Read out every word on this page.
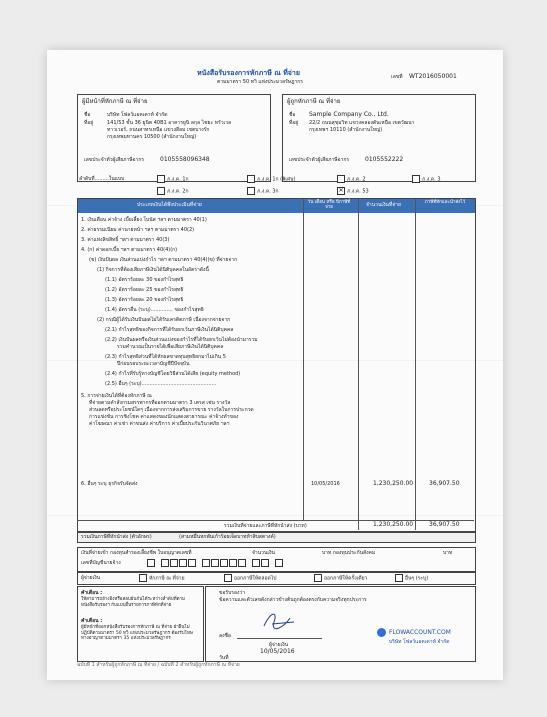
หนังสือรับรองการหักภาษี ณ ที่จ่าย
ตามมาตรา 50 ทวิ แห่งประมวลรัษฎากร
เลขที่ WT2016050001
ผู้มีหน้าที่หักภาษี ณ ที่จ่าย
ชื่อ	บริษัท โฟลว์แอคเคาท์ จำกัด
ที่อยู่	141/53 ชั้น 36 ยูนิต 40B1 อาคารยูนิ ลกุล ไชยะ ทรัวเวล
ทาวเวอร์, ถนนสาทรเหนือ แขวงสีลม เขตบางรัก
กรุงเทพมหานคร 10500 (สำนักงานใหญ่)
เลขประจำตัวผู้เสียภาษีอากร	0105558096348
ผู้ถูกหักภาษี ณ ที่จ่าย
ชื่อ Sample Company Co., Ltd.
ที่อยู่ 22/2 ถนนสุขุมวิท แขวงคลองตันเหนือ เขตวัฒนา
กรุงเทพฯ 10110 (สำนักงานใหญ่)
เลขประจำตัวผู้เสียภาษีอากร	0105552222
ลำดับที่.........ในแบบ	ภ.ง.ด. 1ก	ภ.ง.ด. 1ก (พิเศษ)	ภ.ง.ด. 2	ภ.ง.ด. 3
ภ.ง.ด. 2ก	ภ.ง.ด. 3ก	✕ ภ.ง.ด. 53
ประเภทเงินได้พึงประเมินที่จ่าย	วัน เดือน หรือ ปีภาษีที่จ่าย	จำนวนเงินที่จ่าย	ภาษีที่หักและนำส่งไว้
1. เงินเดือน ค่าจ้าง เบี้ยเลี้ยง โบนัส ฯลฯ ตามมาตรา 40(1)
2. ค่าธรรมเนียม ค่านายหน้า ฯลฯ ตามมาตรา 40(2)
3. ค่าแห่งลิขสิทธิ์ ฯลฯ ตามมาตรา 40(3)
4. (ก) ค่าดอกเบี้ย ฯลฯ ตามมาตรา 40(4)(ก)
(ข) เงินปันผล เงินส่วนแบ่งกำไร ฯลฯ ตามมาตรา 40(4)(ข) ที่จ่ายจาก
(1) กิจการที่ต้องเสียภาษีเงินได้นิติบุคคลในอัตราดังนี้
(1.1) อัตราร้อยละ 30 ของกำไรสุทธิ
(1.2) อัตราร้อยละ 25 ของกำไรสุทธิ
(1.3) อัตราร้อยละ 20 ของกำไรสุทธิ
(1.4) อัตราอื่น (ระบุ).............. ของกำไรสุทธิ
(2) กรณีผู้ได้รับเงินปันผลไม่ได้รับเครดิตภาษี เนื่องจากจ่ายจาก
(2.1) กำไรสุทธิของกิจการที่ได้รับยกเว้นภาษีเงินได้นิติบุคคล
(2.2) เงินปันผลหรือเงินส่วนแบ่งของกำไรที่ได้รับยกเว้นไม่ต้องนำมารวม
รวมคำนวณเป็นรายได้เพื่อเสียภาษีเงินได้นิติบุคคล
(2.3) กำไรสุทธิส่วนที่ได้หักผลขาดทุนสุทธิยกมาไม่เกิน 5
ปีก่อนรอบระยะเวลาบัญชีปีปัจจุบัน
(2.4) กำไรที่รับรู้ทางบัญชีโดยวิธีส่วนได้เสีย (equity method)
(2.5) อื่นๆ (ระบุ)...............................................
5. การจ่ายเงินได้ที่ต้องหักภาษี ณ
ที่จ่ายตามคำสั่งกรมสรรพากรที่ออกตามมาตรา 3 เตรส เช่น รางวัล
ส่วนลดหรือประโยชน์ใดๆ เนื่องจากการส่งเสริมการขาย รางวัลในการประกวด
การแข่งขัน การชิงโชค ค่าแสดงของนักแสดงสาธารณะ ค่าจ้างทำของ
ค่าโฆษณา ค่าเช่า ค่าขนส่ง ค่าบริการ ค่าเบี้ยประกันวินาศภัย ฯลฯ
6. อื่นๆ ระบุ ธุรกิจรับจัดส่ง	10/05/2016	1,230,250.00	36,907.50
รวมเงินที่จ่ายและภาษีที่หักนำส่ง (บาท)	1,230,250.00	36,907.50
รวมเงินภาษีที่หักนำส่ง (ตัวอักษร)	(สามหมื่นหกพันเก้าร้อยเจ็ดบาทห้าสิบสตางค์)
เงินที่จ่ายเข้า กองทุนสำรองเลี้ยงชีพ ใบอนุญาตเลขที่	จำนวนเงิน	บาท กองทุนประกันสังคม	บาท
เลขที่บัญชีนายจ้าง
ผู้จ่ายเงิน	หักภาษี ณ ที่จ่าย	ออกภาษีให้ตลอดไป	ออกภาษีให้ครั้งเดียว	อื่นๆ (ระบุ)
คำเตือน :
ให้สามารถอ้างอิงหรือสอบยันกันได้ระหว่างลำดับที่ตามหนังสือรับรองฯ กับแบบยื่นรายการภาษีหักที่จ่าย
คำเตือน :
ผู้มีหน้าที่ออกหนังสือรับรองการหักภาษี ณ ที่จ่าย ฝ่าฝืนไม่ปฏิบัติตามมาตรา 50 ทวิ แห่งประมวลรัษฎากร ต้องรับโทษทางอาญาตามมาตรา 35 แห่งประมวลรัษฎากร
ขอรับรองว่า
ข้อความและตัวเลขดังกล่าวข้างต้นถูกต้องตรงกับความจริงทุกประการ
ลงชื่อ
ผู้จ่ายเงิน
10/05/2016
วันที่
FLOWACCOUNT.COM
บริษัท โฟลว์แอคเคาท์ จำกัด
ฉบับที่ 1 สำหรับผู้ถูกหักภาษี ณ ที่จ่าย / ฉบับที่ 2 สำหรับผู้ถูกหักภาษี ณ ที่จ่าย
